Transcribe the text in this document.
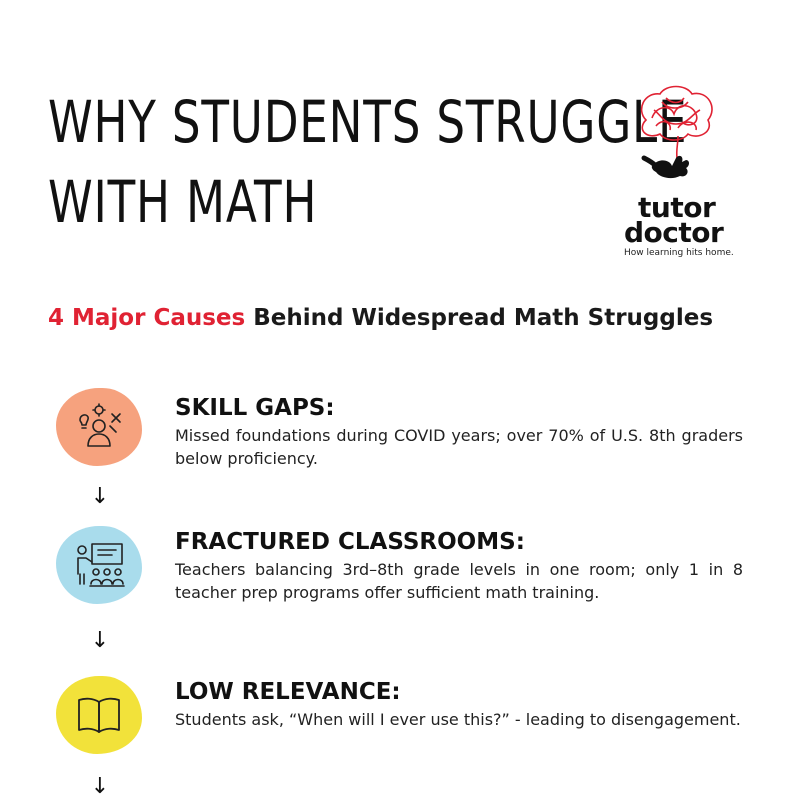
WHY STUDENTS STRUGGLE
WITH MATH	tutor
doctor
How learning hits home.
4 Major Causes Behind Widespread Math Struggles
SKILL GAPS:

Missed foundations during COVID years; over 70% of U.S. 8th graders below proficiency.

↓
FRACTURED CLASSROOMS:

Teachers balancing 3rd–8th grade levels in one room; only 1 in 8 teacher prep programs offer sufficient math training.

↓
LOW RELEVANCE:

Students ask, “When will I ever use this?” - leading to disengagement.

↓
